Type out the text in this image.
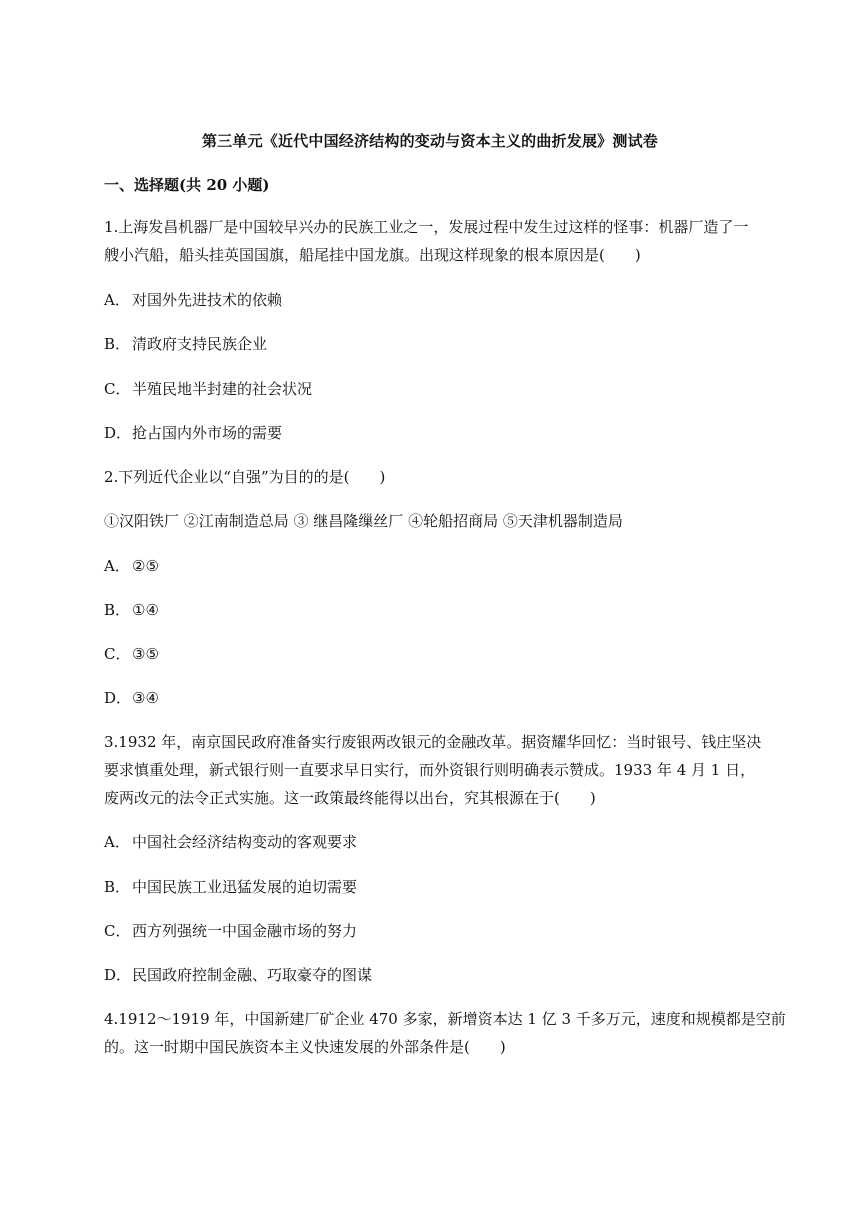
第三单元《近代中国经济结构的变动与资本主义的曲折发展》测试卷
一、选择题(共 20 小题)
1.上海发昌机器厂是中国较早兴办的民族工业之一，发展过程中发生过这样的怪事：机器厂造了一
艘小汽船，船头挂英国国旗，船尾挂中国龙旗。出现这样现象的根本原因是(　　)
A． 对国外先进技术的依赖
B． 清政府支持民族企业
C． 半殖民地半封建的社会状况
D． 抢占国内外市场的需要
2.下列近代企业以“自强”为目的的是(　　)
①汉阳铁厂 ②江南制造总局 ③ 继昌隆缫丝厂 ④轮船招商局 ⑤天津机器制造局
A． ②⑤
B． ①④
C． ③⑤
D． ③④
3.1932 年，南京国民政府准备实行废银两改银元的金融改革。据资耀华回忆：当时银号、钱庄坚决
要求慎重处理，新式银行则一直要求早日实行，而外资银行则明确表示赞成。1933 年 4 月 1 日，
废两改元的法令正式实施。这一政策最终能得以出台，究其根源在于(　　)
A． 中国社会经济结构变动的客观要求
B． 中国民族工业迅猛发展的迫切需要
C． 西方列强统一中国金融市场的努力
D． 民国政府控制金融、巧取豪夺的图谋
4.1912～1919 年，中国新建厂矿企业 470 多家，新增资本达 1 亿 3 千多万元，速度和规模都是空前
的。这一时期中国民族资本主义快速发展的外部条件是(　　)
